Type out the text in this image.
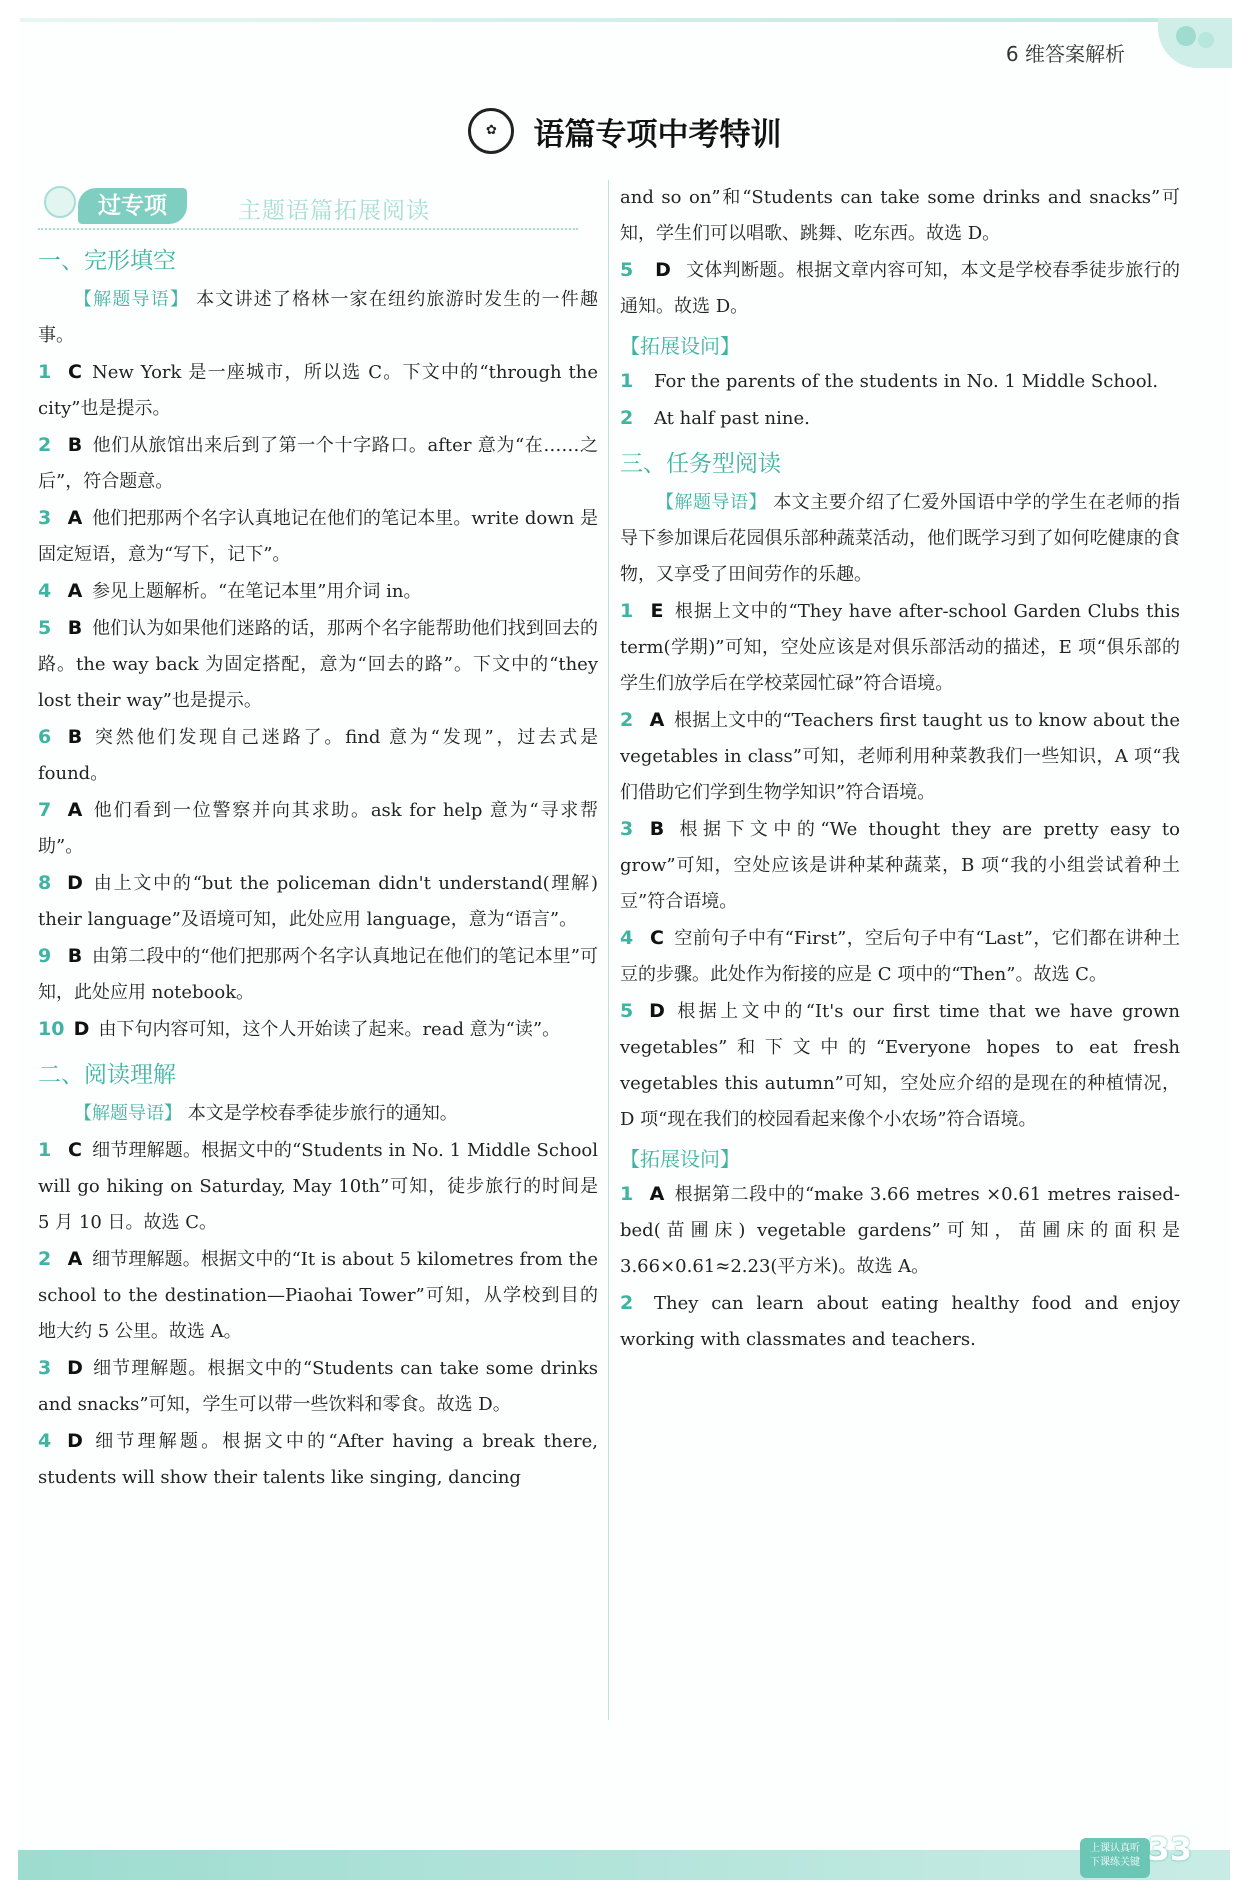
6 维答案解析
✿ 语篇专项中考特训
过专项	主题语篇拓展阅读
一、完形填空

【解题导语】 本文讲述了格林一家在纽约旅游时发生的一件趣事。

1 C New York 是一座城市，所以选 C。下文中的“through the city”也是提示。

2 B 他们从旅馆出来后到了第一个十字路口。after 意为“在……之后”，符合题意。

3 A 他们把那两个名字认真地记在他们的笔记本里。write down 是固定短语，意为“写下，记下”。

4 A 参见上题解析。“在笔记本里”用介词 in。

5 B 他们认为如果他们迷路的话，那两个名字能帮助他们找到回去的路。the way back 为固定搭配，意为“回去的路”。下文中的“they lost their way”也是提示。

6 B 突然他们发现自己迷路了。find 意为“发现”，过去式是 found。

7 A 他们看到一位警察并向其求助。ask for help 意为“寻求帮助”。

8 D 由上文中的“but the policeman didn't understand(理解) their language”及语境可知，此处应用 language，意为“语言”。

9 B 由第二段中的“他们把那两个名字认真地记在他们的笔记本里”可知，此处应用 notebook。

10 D 由下句内容可知，这个人开始读了起来。read 意为“读”。

二、阅读理解

【解题导语】 本文是学校春季徒步旅行的通知。

1 C 细节理解题。根据文中的“Students in No. 1 Middle School will go hiking on Saturday, May 10th”可知，徒步旅行的时间是 5 月 10 日。故选 C。

2 A 细节理解题。根据文中的“It is about 5 kilometres from the school to the destination—Piaohai Tower”可知，从学校到目的地大约 5 公里。故选 A。

3 D 细节理解题。根据文中的“Students can take some drinks and snacks”可知，学生可以带一些饮料和零食。故选 D。

4 D 细节理解题。根据文中的“After having a break there, students will show their talents like singing, dancing

and so on”和“Students can take some drinks and snacks”可知，学生们可以唱歌、跳舞、吃东西。故选 D。

5 D 文体判断题。根据文章内容可知，本文是学校春季徒步旅行的通知。故选 D。

【拓展设问】

1 For the parents of the students in No. 1 Middle School.

2 At half past nine.

三、任务型阅读

【解题导语】 本文主要介绍了仁爱外国语中学的学生在老师的指导下参加课后花园俱乐部种蔬菜活动，他们既学习到了如何吃健康的食物，又享受了田间劳作的乐趣。

1 E 根据上文中的“They have after-school Garden Clubs this term(学期)”可知，空处应该是对俱乐部活动的描述，E 项“俱乐部的学生们放学后在学校菜园忙碌”符合语境。

2 A 根据上文中的“Teachers first taught us to know about the vegetables in class”可知，老师利用种菜教我们一些知识，A 项“我们借助它们学到生物学知识”符合语境。

3 B 根据下文中的“We thought they are pretty easy to grow”可知，空处应该是讲种某种蔬菜，B 项“我的小组尝试着种土豆”符合语境。

4 C 空前句子中有“First”，空后句子中有“Last”，它们都在讲种土豆的步骤。此处作为衔接的应是 C 项中的“Then”。故选 C。

5 D 根据上文中的“It's our first time that we have grown vegetables”和下文中的“Everyone hopes to eat fresh vegetables this autumn”可知，空处应介绍的是现在的种植情况，D 项“现在我们的校园看起来像个小农场”符合语境。

【拓展设问】

1 A 根据第二段中的“make 3.66 metres ×0.61 metres raised-bed(苗圃床) vegetable gardens”可知，苗圃床的面积是 3.66×0.61≈2.23(平方米)。故选 A。

2 They can learn about eating healthy food and enjoy working with classmates and teachers.

上课认真听
下课练关键 33
